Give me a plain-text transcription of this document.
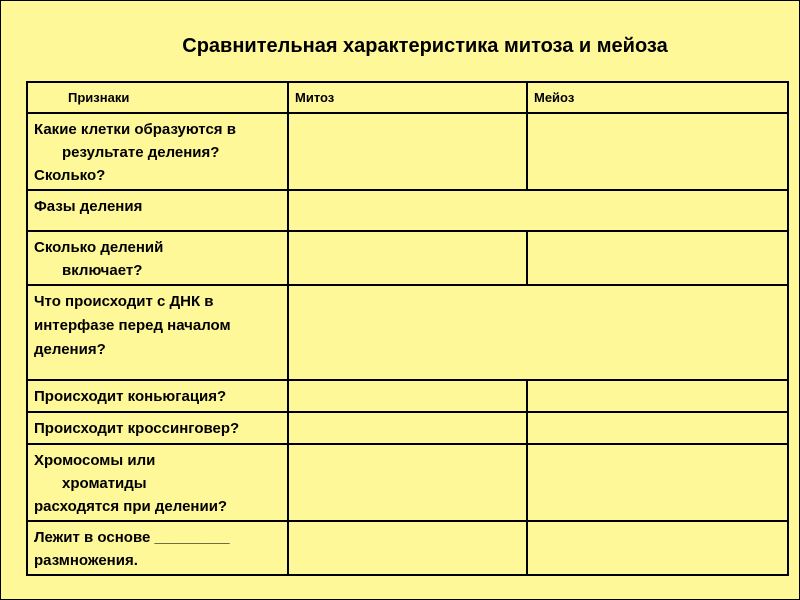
Сравнительная характеристика митоза и мейоза
Признаки	Митоз	Мейоз

Какие клетки образуются в
результате деления?
Сколько?		

Фазы деления		

Сколько делений
включает?		

Что происходит с ДНК в
интерфазе перед началом
деления?		

Происходит коньюгация?		

Происходит кроссинговер?		

Хромосомы или
хроматиды
расходятся при делении?		

Лежит в основе _________
размножения.		
